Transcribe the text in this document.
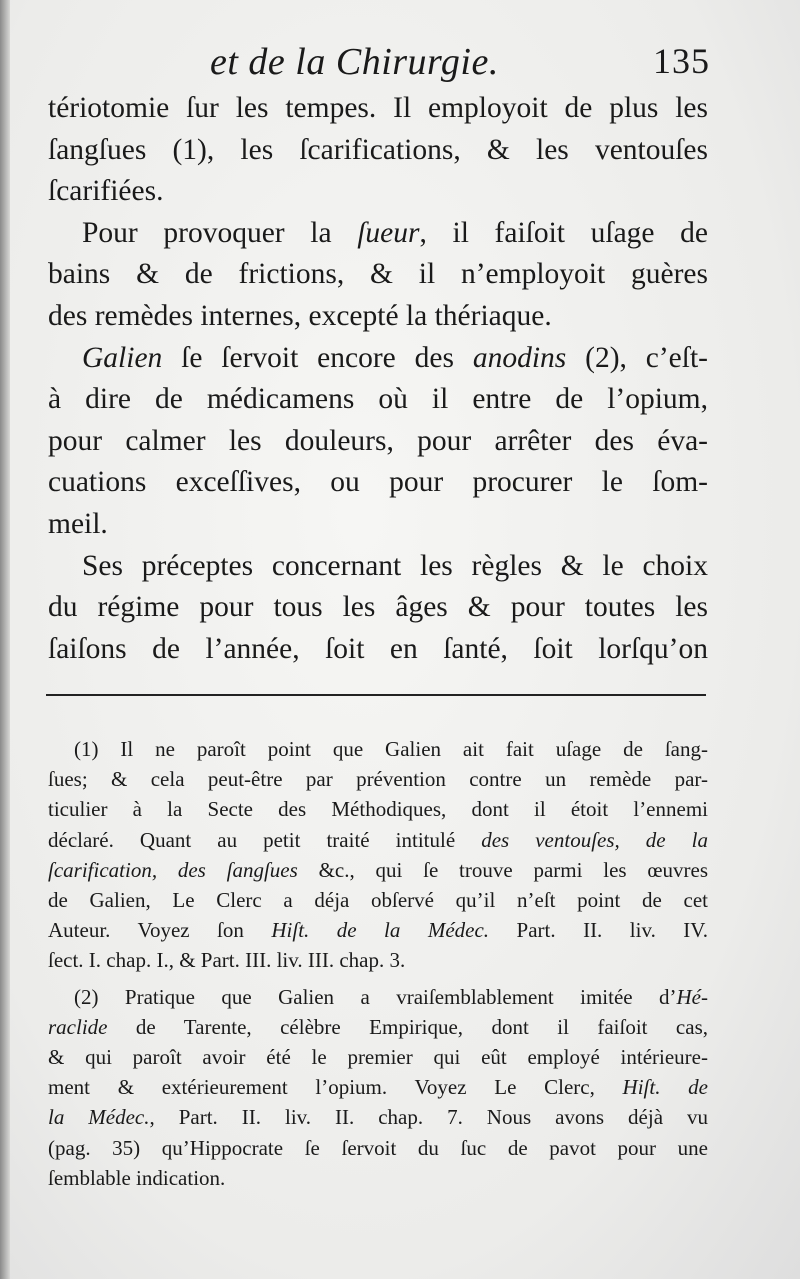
et de la Chirurgie.	135
tériotomie ſur les tempes. Il employoit de plus les
ſangſues (1), les ſcarifications, & les ventouſes
ſcarifiées.
Pour provoquer la ſueur, il faiſoit uſage de
bains & de frictions, & il n’employoit guères
des remèdes internes, excepté la thériaque.
Galien ſe ſervoit encore des anodins (2), c’eſt-
à dire de médicamens où il entre de l’opium,
pour calmer les douleurs, pour arrêter des éva-
cuations exceſſives, ou pour procurer le ſom-
meil.
Ses préceptes concernant les règles & le choix
du régime pour tous les âges & pour toutes les
ſaiſons de l’année, ſoit en ſanté, ſoit lorſqu’on
(1) Il ne paroît point que Galien ait fait uſage de ſang-
ſues; & cela peut-être par prévention contre un remède par-
ticulier à la Secte des Méthodiques, dont il étoit l’ennemi
déclaré. Quant au petit traité intitulé des ventouſes, de la
ſcarification, des ſangſues &c., qui ſe trouve parmi les œuvres
de Galien, Le Clerc a déja obſervé qu’il n’eſt point de cet
Auteur. Voyez ſon Hiſt. de la Médec. Part. II. liv. IV.
ſect. I. chap. I., & Part. III. liv. III. chap. 3.
(2) Pratique que Galien a vraiſemblablement imitée d’Hé-
raclide de Tarente, célèbre Empirique, dont il faiſoit cas,
& qui paroît avoir été le premier qui eût employé intérieure-
ment & extérieurement l’opium. Voyez Le Clerc, Hiſt. de
la Médec., Part. II. liv. II. chap. 7. Nous avons déjà vu
(pag. 35) qu’Hippocrate ſe ſervoit du ſuc de pavot pour une
ſemblable indication.
